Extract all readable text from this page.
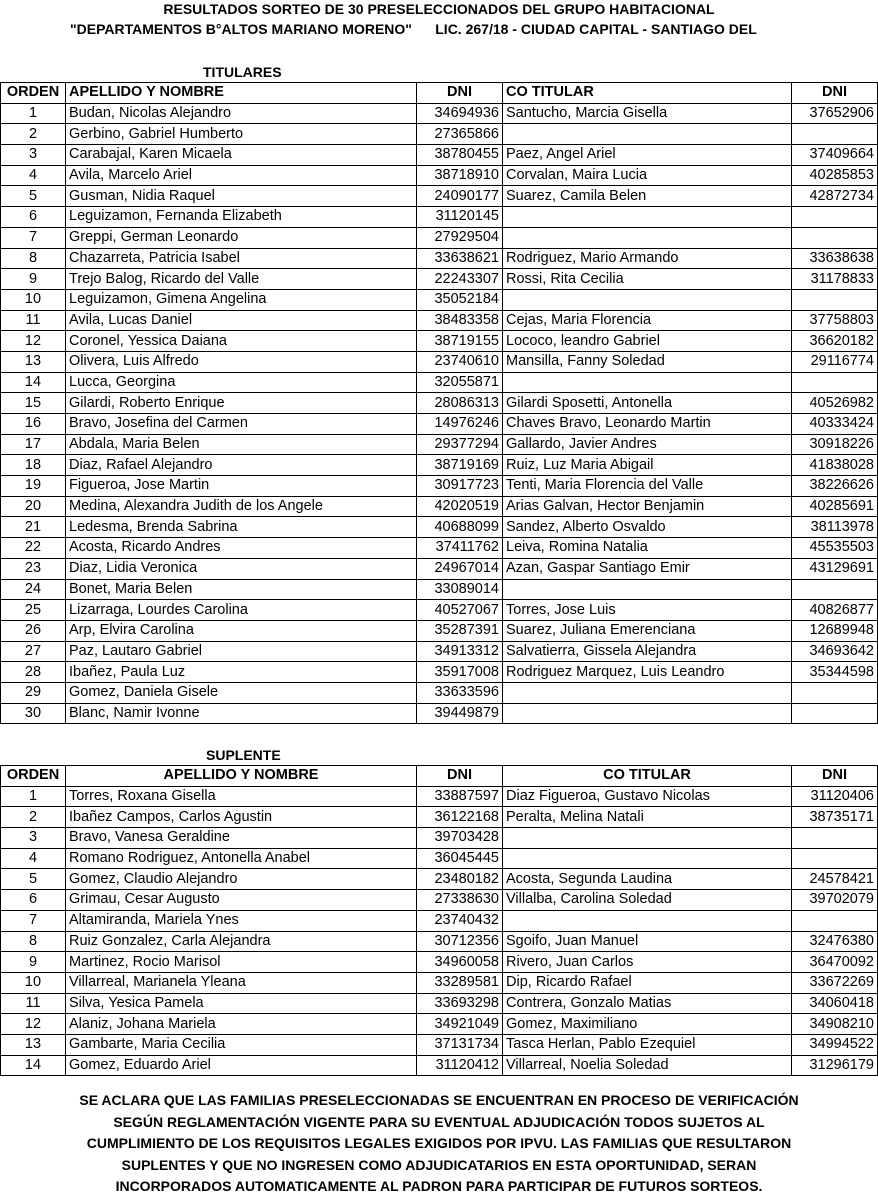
RESULTADOS SORTEO DE 30 PRESELECCIONADOS DEL GRUPO HABITACIONAL
"DEPARTAMENTOS B°ALTOS MARIANO MORENO"      LIC. 267/18 - CIUDAD CAPITAL - SANTIAGO DEL
TITULARES
ORDEN	APELLIDO Y NOMBRE	DNI	CO TITULAR	DNI
1	Budan, Nicolas Alejandro	34694936	Santucho, Marcia Gisella	37652906
2	Gerbino, Gabriel Humberto	27365866		
3	Carabajal, Karen Micaela	38780455	Paez, Angel Ariel	37409664
4	Avila, Marcelo Ariel	38718910	Corvalan, Maira Lucia	40285853
5	Gusman, Nidia Raquel	24090177	Suarez, Camila Belen	42872734
6	Leguizamon, Fernanda Elizabeth	31120145		
7	Greppi, German Leonardo	27929504		
8	Chazarreta, Patricia Isabel	33638621	Rodriguez, Mario Armando	33638638
9	Trejo Balog, Ricardo del Valle	22243307	Rossi, Rita Cecilia	31178833
10	Leguizamon, Gimena Angelina	35052184		
11	Avila, Lucas Daniel	38483358	Cejas, Maria Florencia	37758803
12	Coronel, Yessica Daiana	38719155	Lococo, leandro Gabriel	36620182
13	Olivera, Luis Alfredo	23740610	Mansilla, Fanny Soledad	29116774
14	Lucca, Georgina	32055871		
15	Gilardi, Roberto Enrique	28086313	Gilardi Sposetti, Antonella	40526982
16	Bravo, Josefina del Carmen	14976246	Chaves Bravo, Leonardo Martin	40333424
17	Abdala, Maria Belen	29377294	Gallardo, Javier Andres	30918226
18	Diaz, Rafael Alejandro	38719169	Ruiz, Luz Maria Abigail	41838028
19	Figueroa, Jose Martin	30917723	Tenti, Maria Florencia del Valle	38226626
20	Medina, Alexandra Judith de los Angele	42020519	Arias Galvan, Hector Benjamin	40285691
21	Ledesma, Brenda Sabrina	40688099	Sandez, Alberto Osvaldo	38113978
22	Acosta, Ricardo Andres	37411762	Leiva, Romina Natalia	45535503
23	Diaz, Lidia Veronica	24967014	Azan, Gaspar Santiago Emir	43129691
24	Bonet, Maria Belen	33089014		
25	Lizarraga, Lourdes Carolina	40527067	Torres, Jose Luis	40826877
26	Arp, Elvira Carolina	35287391	Suarez, Juliana Emerenciana	12689948
27	Paz, Lautaro Gabriel	34913312	Salvatierra, Gissela Alejandra	34693642
28	Ibañez, Paula Luz	35917008	Rodriguez Marquez, Luis Leandro	35344598
29	Gomez, Daniela Gisele	33633596		
30	Blanc, Namir Ivonne	39449879		
SUPLENTE
ORDEN	APELLIDO Y NOMBRE	DNI	CO TITULAR	DNI
1	Torres, Roxana Gisella	33887597	Diaz Figueroa, Gustavo Nicolas	31120406
2	Ibañez Campos, Carlos Agustin	36122168	Peralta, Melina Natali	38735171
3	Bravo, Vanesa Geraldine	39703428		
4	Romano Rodriguez, Antonella Anabel	36045445		
5	Gomez, Claudio Alejandro	23480182	Acosta, Segunda Laudina	24578421
6	Grimau, Cesar Augusto	27338630	Villalba, Carolina Soledad	39702079
7	Altamiranda, Mariela Ynes	23740432		
8	Ruiz Gonzalez, Carla Alejandra	30712356	Sgoifo, Juan Manuel	32476380
9	Martinez, Rocio Marisol	34960058	Rivero, Juan Carlos	36470092
10	Villarreal, Marianela Yleana	33289581	Dip, Ricardo Rafael	33672269
11	Silva, Yesica Pamela	33693298	Contrera, Gonzalo Matias	34060418
12	Alaniz, Johana Mariela	34921049	Gomez, Maximiliano	34908210
13	Gambarte, Maria Cecilia	37131734	Tasca Herlan, Pablo Ezequiel	34994522
14	Gomez, Eduardo Ariel	31120412	Villarreal, Noelia Soledad	31296179
SE ACLARA QUE LAS FAMILIAS PRESELECCIONADAS SE ENCUENTRAN EN PROCESO DE VERIFICACIÓN
SEGÚN REGLAMENTACIÓN VIGENTE PARA SU EVENTUAL ADJUDICACIÓN TODOS SUJETOS AL
CUMPLIMIENTO DE LOS REQUISITOS LEGALES EXIGIDOS POR IPVU. LAS FAMILIAS QUE RESULTARON
SUPLENTES Y QUE NO INGRESEN COMO ADJUDICATARIOS EN ESTA OPORTUNIDAD, SERAN
INCORPORADOS AUTOMATICAMENTE AL PADRON PARA PARTICIPAR DE FUTUROS SORTEOS.
